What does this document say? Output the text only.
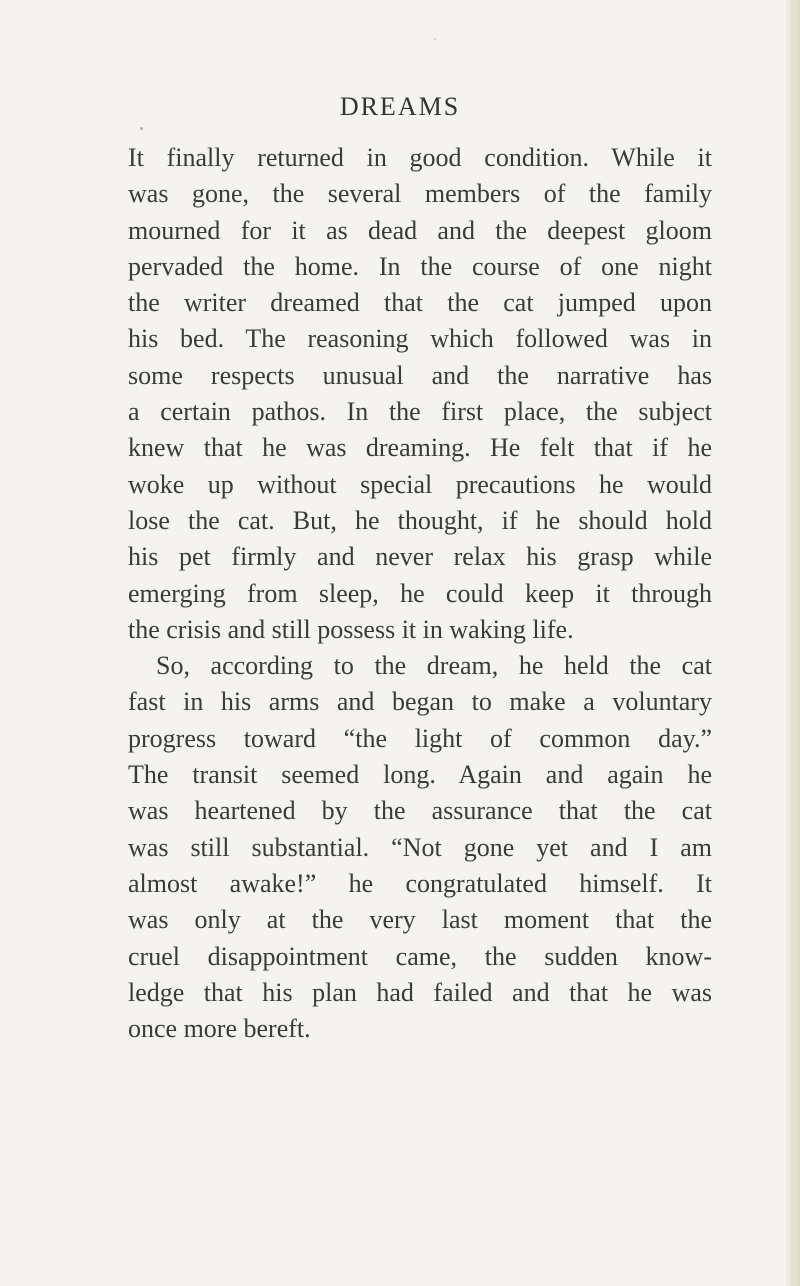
DREAMS
It finally returned in good condition. While it
was gone, the several members of the family
mourned for it as dead and the deepest gloom
pervaded the home. In the course of one night
the writer dreamed that the cat jumped upon
his bed. The reasoning which followed was in
some respects unusual and the narrative has
a certain pathos. In the first place, the subject
knew that he was dreaming. He felt that if he
woke up without special precautions he would
lose the cat. But, he thought, if he should hold
his pet firmly and never relax his grasp while
emerging from sleep, he could keep it through
the crisis and still possess it in waking life.
So, according to the dream, he held the cat
fast in his arms and began to make a voluntary
progress toward “the light of common day.”
The transit seemed long. Again and again he
was heartened by the assurance that the cat
was still substantial. “Not gone yet and I am
almost awake!” he congratulated himself. It
was only at the very last moment that the
cruel disappointment came, the sudden know-
ledge that his plan had failed and that he was
once more bereft.
